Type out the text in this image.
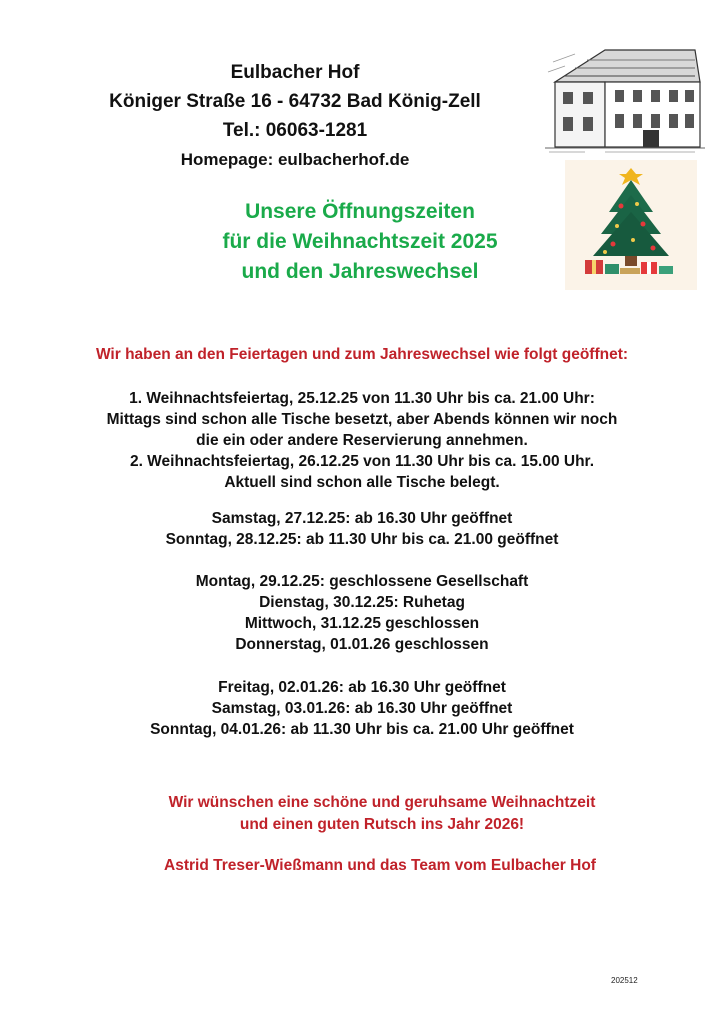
Eulbacher Hof
Königer Straße 16 - 64732 Bad König-Zell
Tel.: 06063-1281
Homepage: eulbacherhof.de
Unsere Öffnungszeiten
für die Weihnachtszeit 2025
und den Jahreswechsel
Wir haben an den Feiertagen und zum Jahreswechsel wie folgt geöffnet:
1. Weihnachtsfeiertag, 25.12.25 von 11.30 Uhr bis ca. 21.00 Uhr:
Mittags sind schon alle Tische besetzt, aber Abends können wir noch
die ein oder andere Reservierung annehmen.
2. Weihnachtsfeiertag, 26.12.25 von 11.30 Uhr bis ca. 15.00 Uhr.
Aktuell sind schon alle Tische belegt.
Samstag, 27.12.25: ab 16.30 Uhr geöffnet
Sonntag, 28.12.25: ab 11.30 Uhr bis ca. 21.00 geöffnet
Montag, 29.12.25: geschlossene Gesellschaft
Dienstag, 30.12.25: Ruhetag
Mittwoch, 31.12.25 geschlossen
Donnerstag, 01.01.26 geschlossen
Freitag, 02.01.26: ab 16.30 Uhr geöffnet
Samstag, 03.01.26: ab 16.30 Uhr geöffnet
Sonntag, 04.01.26: ab 11.30 Uhr bis ca. 21.00 Uhr geöffnet
Wir wünschen eine schöne und geruhsame Weihnachtzeit
und einen guten Rutsch ins Jahr 2026!
Astrid Treser-Wießmann und das Team vom Eulbacher Hof
202512
